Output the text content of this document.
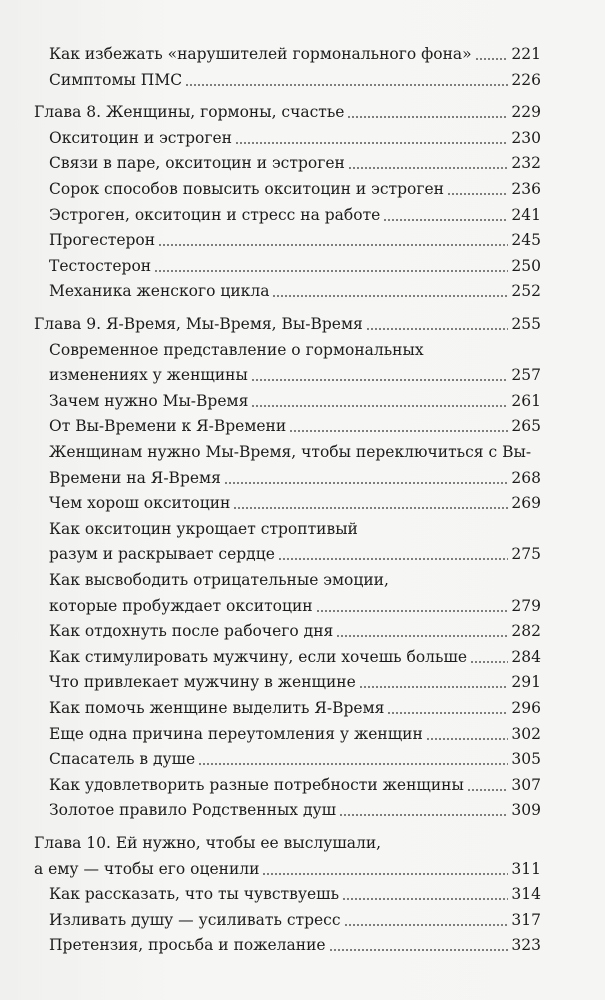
Как избежать «нарушителей гормонального фона»	221
Симптомы ПМС	226
Глава 8. Женщины, гормоны, счастье	229
Окситоцин и эстроген	230
Связи в паре, окситоцин и эстроген	232
Сорок способов повысить окситоцин и эстроген	236
Эстроген, окситоцин и стресс на работе	241
Прогестерон	245
Тестостерон	250
Механика женского цикла	252
Глава 9. Я-Время, Мы-Время, Вы-Время	255
Современное представление о гормональных
изменениях у женщины	257
Зачем нужно Мы-Время	261
От Вы-Времени к Я-Времени	265
Женщинам нужно Мы-Время, чтобы переключиться с Вы-
Времени на Я-Время	268
Чем хорош окситоцин	269
Как окситоцин укрощает строптивый
разум и раскрывает сердце	275
Как высвободить отрицательные эмоции,
которые пробуждает окситоцин	279
Как отдохнуть после рабочего дня	282
Как стимулировать мужчину, если хочешь больше	284
Что привлекает мужчину в женщине	291
Как помочь женщине выделить Я-Время	296
Еще одна причина переутомления у женщин	302
Спасатель в душе	305
Как удовлетворить разные потребности женщины	307
Золотое правило Родственных душ	309
Глава 10. Ей нужно, чтобы ее выслушали,
а ему — чтобы его оценили	311
Как рассказать, что ты чувствуешь	314
Изливать душу — усиливать стресс	317
Претензия, просьба и пожелание	323
